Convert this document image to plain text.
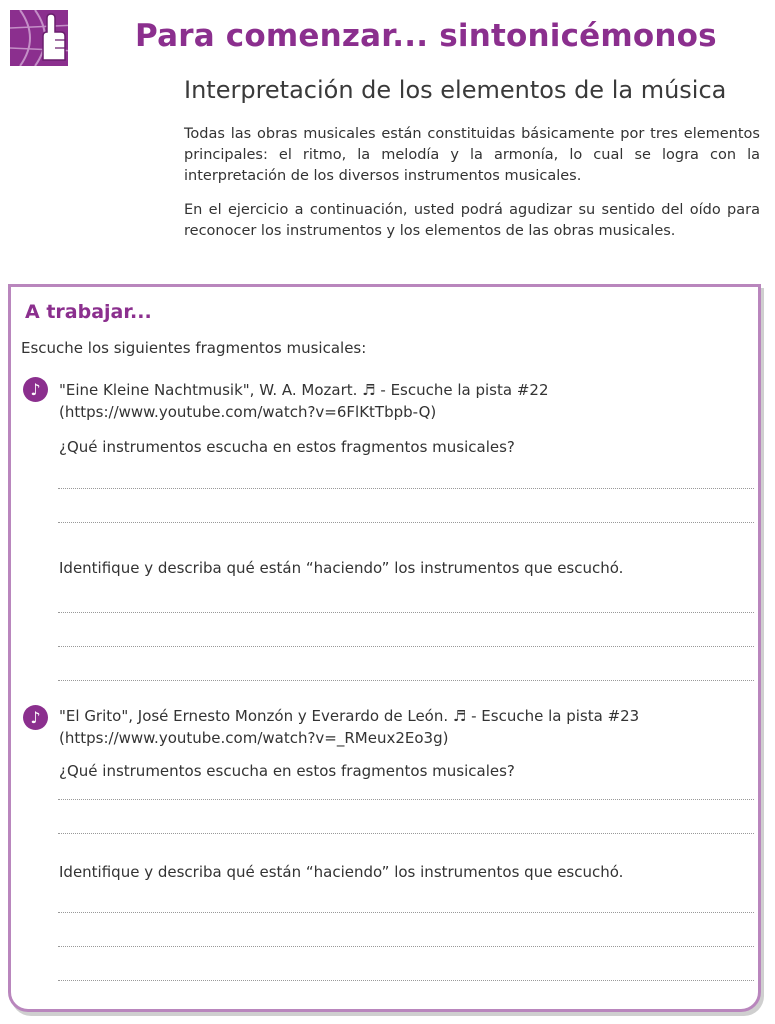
Para comenzar... sintonicémonos
Interpretación de los elementos de la música

Todas las obras musicales están constituidas básicamente por tres elementos principales: el ritmo, la melodía y la armonía, lo cual se logra con la interpretación de los diversos instrumentos musicales.

En el ejercicio a continuación, usted podrá agudizar su sentido del oído para reconocer los instrumentos y los elementos de las obras musicales.

A trabajar...
Escuche los siguientes fragmentos musicales:
♪	"Eine Kleine Nachtmusik", W. A. Mozart. ♬ - Escuche la pista #22
(https://www.youtube.com/watch?v=6FlKtTbpb-Q)
¿Qué instrumentos escucha en estos fragmentos musicales?
Identifique y describa qué están “haciendo” los instrumentos que escuchó.
♪	"El Grito", José Ernesto Monzón y Everardo de León. ♬ - Escuche la pista #23
(https://www.youtube.com/watch?v=_RMeux2Eo3g)
¿Qué instrumentos escucha en estos fragmentos musicales?
Identifique y describa qué están “haciendo” los instrumentos que escuchó.
